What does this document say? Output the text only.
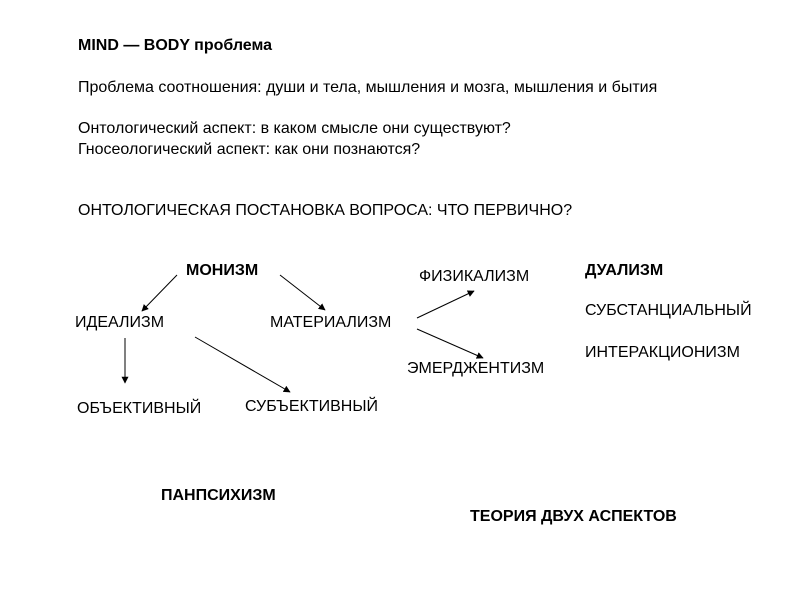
MIND — BODY проблема
Проблема соотношения: души и тела, мышления и мозга, мышления и бытия
Онтологический аспект: в каком смысле они существуют?
Гносеологический аспект: как они познаются?
ОНТОЛОГИЧЕСКАЯ ПОСТАНОВКА ВОПРОСА: ЧТО ПЕРВИЧНО?
МОНИЗМ
ИДЕАЛИЗМ	МАТЕРИАЛИЗМ
ФИЗИКАЛИЗМ
ЭМЕРДЖЕНТИЗМ
ОБЪЕКТИВНЫЙ	СУБЪЕКТИВНЫЙ
ДУАЛИЗМ
СУБСТАНЦИАЛЬНЫЙ
ИНТЕРАКЦИОНИЗМ
ПАНПСИХИЗМ
ТЕОРИЯ ДВУХ АСПЕКТОВ
